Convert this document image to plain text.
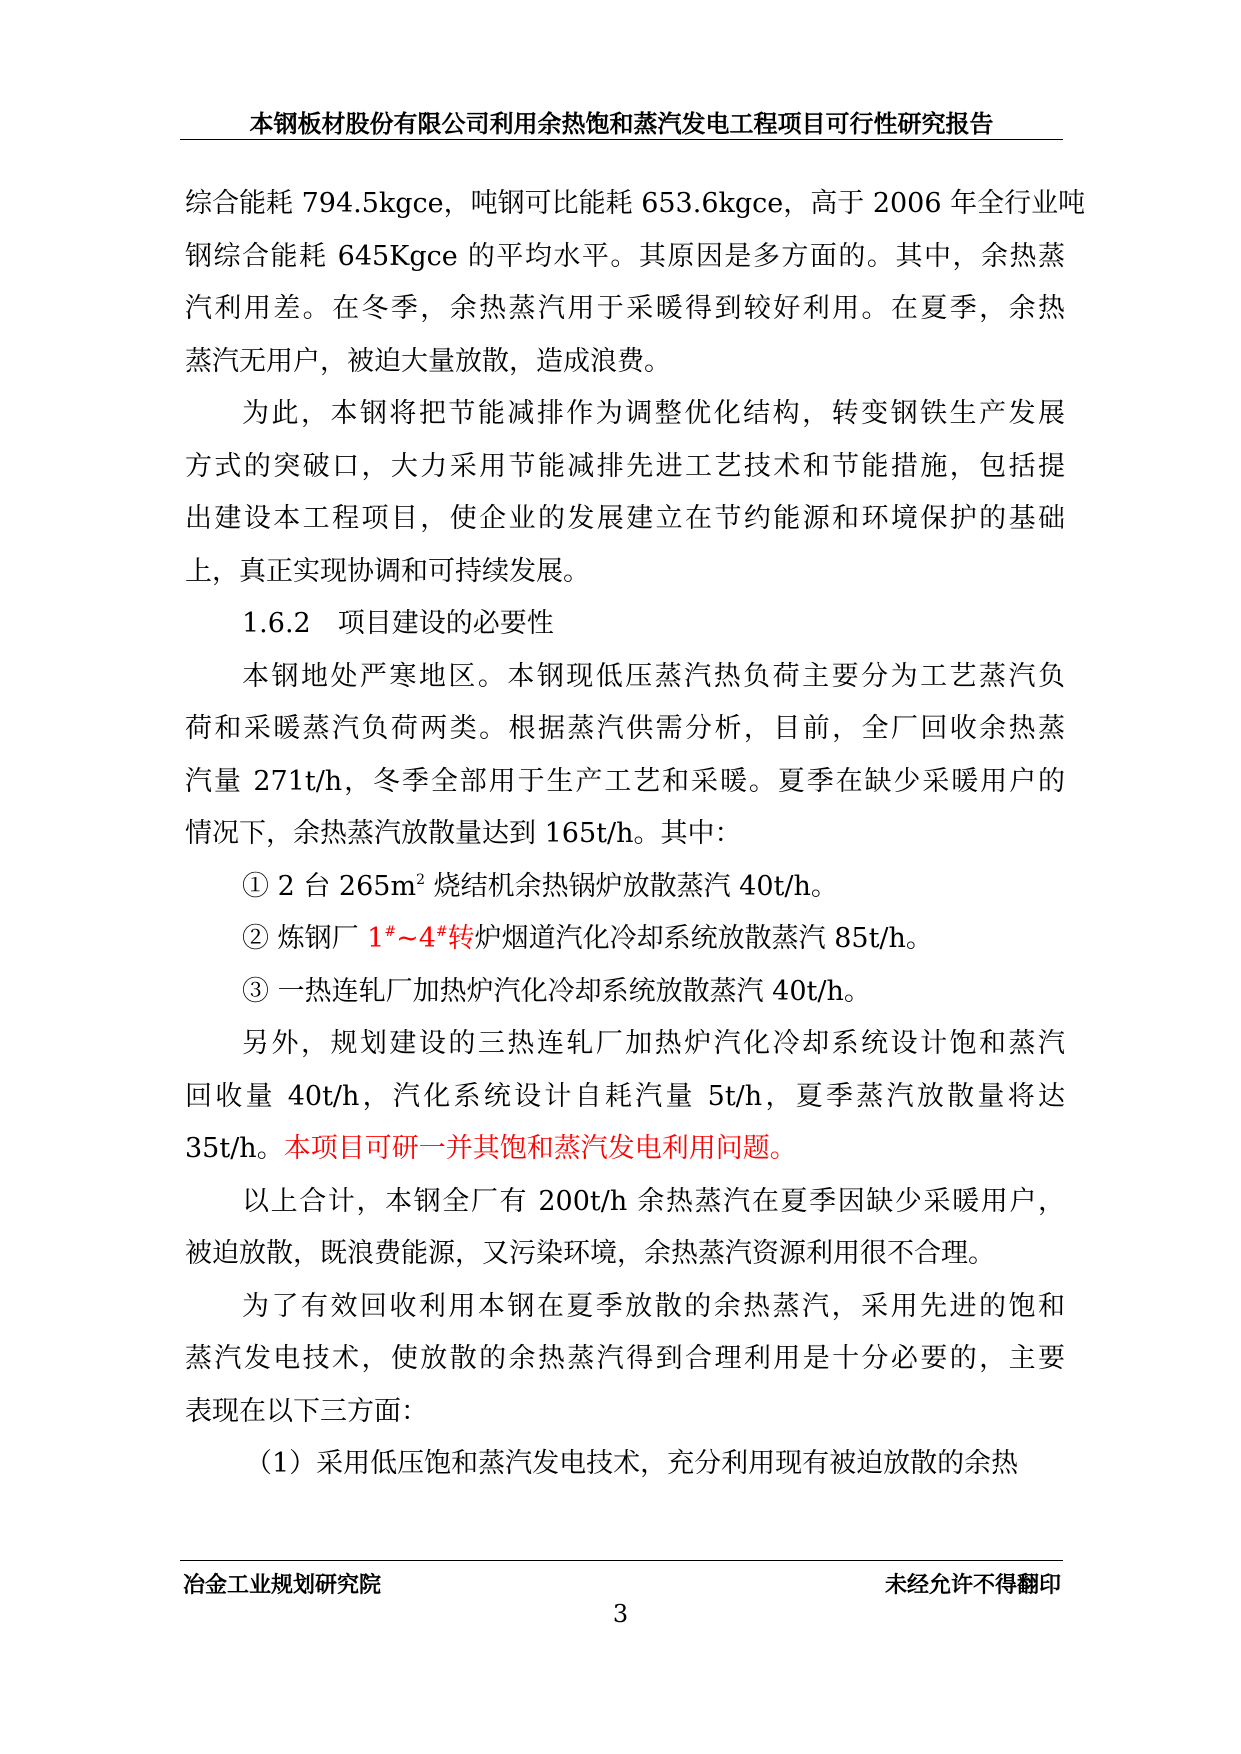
本钢板材股份有限公司利用余热饱和蒸汽发电工程项目可行性研究报告
综合能耗 794.5kgce，吨钢可比能耗 653.6kgce，高于 2006 年全行业吨
钢综合能耗 645Kgce 的平均水平。其原因是多方面的。其中，余热蒸
汽利用差。在冬季，余热蒸汽用于采暖得到较好利用。在夏季，余热
蒸汽无用户，被迫大量放散，造成浪费。
为此，本钢将把节能减排作为调整优化结构，转变钢铁生产发展
方式的突破口，大力采用节能减排先进工艺技术和节能措施，包括提
出建设本工程项目，使企业的发展建立在节约能源和环境保护的基础
上，真正实现协调和可持续发展。
1.6.2　项目建设的必要性
本钢地处严寒地区。本钢现低压蒸汽热负荷主要分为工艺蒸汽负
荷和采暖蒸汽负荷两类。根据蒸汽供需分析，目前，全厂回收余热蒸
汽量 271t/h，冬季全部用于生产工艺和采暖。夏季在缺少采暖用户的
情况下，余热蒸汽放散量达到 165t/h。其中：
① 2 台 $265m^2$ 烧结机余热锅炉放散蒸汽 40t/h。
② 炼钢厂 1#~4#转炉烟道汽化冷却系统放散蒸汽 85t/h。
③ 一热连轧厂加热炉汽化冷却系统放散蒸汽 40t/h。
另外，规划建设的三热连轧厂加热炉汽化冷却系统设计饱和蒸汽
回收量 40t/h，汽化系统设计自耗汽量 5t/h，夏季蒸汽放散量将达
35t/h。本项目可研一并其饱和蒸汽发电利用问题。
以上合计，本钢全厂有 200t/h 余热蒸汽在夏季因缺少采暖用户，
被迫放散，既浪费能源，又污染环境，余热蒸汽资源利用很不合理。
为了有效回收利用本钢在夏季放散的余热蒸汽，采用先进的饱和
蒸汽发电技术，使放散的余热蒸汽得到合理利用是十分必要的，主要
表现在以下三方面：
（1）采用低压饱和蒸汽发电技术，充分利用现有被迫放散的余热
冶金工业规划研究院	未经允许不得翻印
3
